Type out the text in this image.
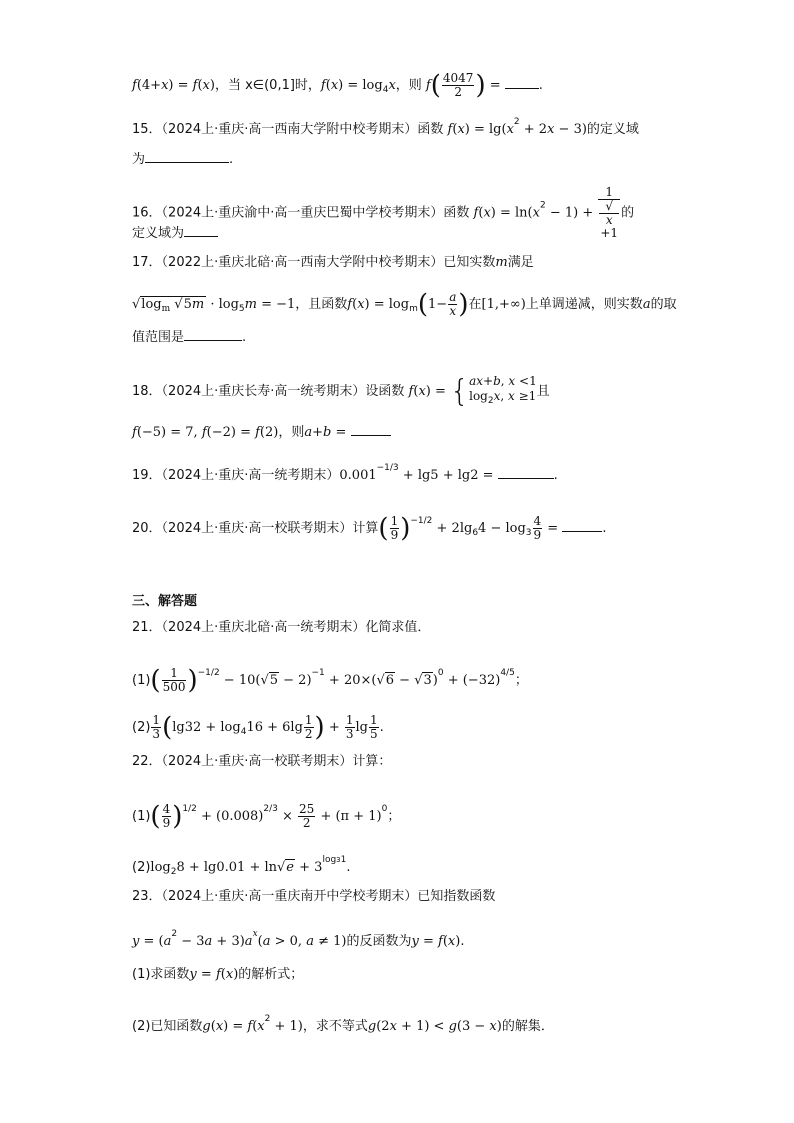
f(4+x) = f(x)，当 x∈(0,1]时，$f(x) = \log_4x$，则 $f( \frac{4047}{2}$ ) =	.
15．（2024上·重庆·高一西南大学附中校考期末）函数 $f(x) = \lg(x^2 + 2x - 3)$的定义域
为	.
16．（2024上·重庆渝中·高一重庆巴蜀中学校考期末）函数 $f(x) = \ln(x^2 - 1) + 1$
√
x
+1 的
定义域为
17．（2022上·重庆北碚·高一西南大学附中校考期末）已知实数m满足
$√\log_m$ $√5m \cdot \log_5m = -1$，且函数$f(x) = \log_m(1- \frac{a}{x}$ )在[1,+∞)上单调递减，则实数a的取
值范围是	.
18．（2024上·重庆长寿·高一统考期末）设函数 f(x) = { ax+b, x <1
$\log_2x$, x ≥1 且
f(−5) = 7, f(−2) = f(2)，则a+b =
19．（2024上·重庆·高一统考期末）$0.001^{-1/3} + \lg 5 + \lg 2$ =	.
20．（2024上·重庆·高一校联考期末）计算( $\frac{1}{9} )^{-1/2} + 2\lg_64 - \log_3 \frac{4}{9}$ =	.
三、解答题
21．（2024上·重庆北碚·高一统考期末）化简求值．
$(1)( \frac{1}{500} )^{-1/2} - 10(√5 - 2)^{-1} + 20\times(√6 - √3)^0 + (-32)^{4/5}$；
$(2) \frac{1}{3} (\lg 32 + \log_416 + 6\lg \frac{1}{2}$ ) + $\frac{1}{3}$ $\lg \frac{1}{5}$ .
22．（2024上·重庆·高一校联考期末）计算：
$(1)( \frac{4}{9} )^{1/2} + (0.008)^{2/3} \times \frac{25}{2} + (\pi + 1)^0$；
$(2)\log_28 + \lg 0.01 + \ln√e + 3^{log31}$.
23．（2024上·重庆·高一重庆南开中学校考期末）已知指数函数
$y = (a^2 - 3a + 3)a^x(a > 0$, a ≠ 1)的反函数为y = f(x).
(1)求函数y = f(x)的解析式；
(2)已知函数$g(x) = f(x^2 + 1)$，求不等式g(2x + 1) < g(3 − x)的解集．
